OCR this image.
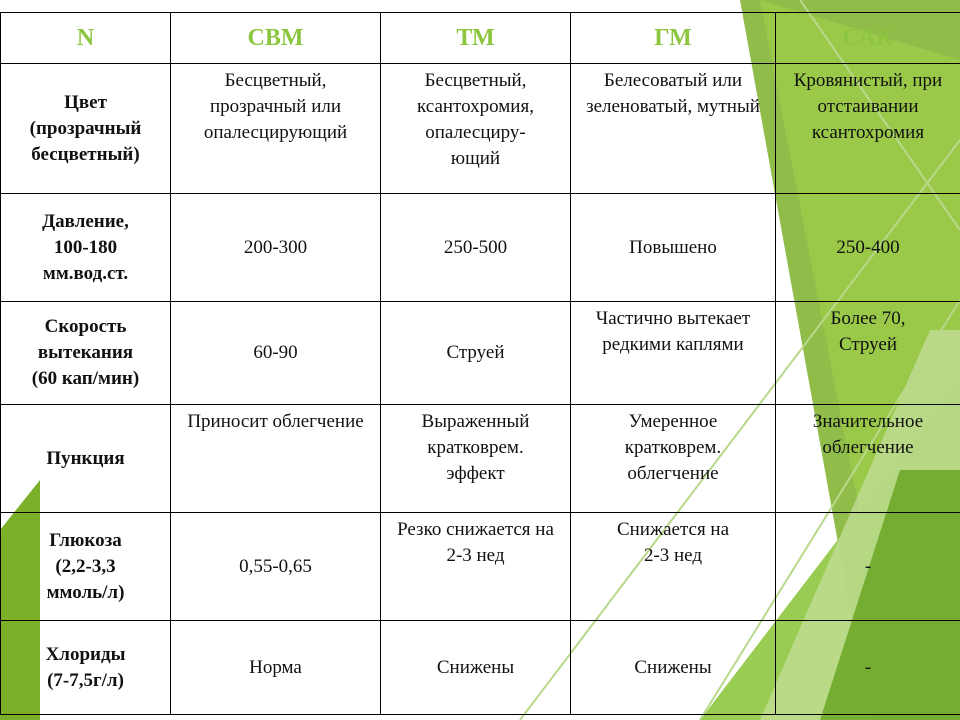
N	СВМ	ТМ	ГМ	САК
Цвет
(прозрачный бесцветный)	Бесцветный, прозрачный или опалесцирующий	Бесцветный, ксантохромия,
опалесциру-
ющий	Белесоватый или зеленоватый, мутный	Кровянистый, при отстаивании ксантохромия
Давление,
100-180
мм.вод.ст.	200-300	250-500	Повышено	250-400
Скорость вытекания
(60 кап/мин)	60-90	Струей	Частично вытекает редкими каплями	Более 70,
Струей
Пункция	Приносит облегчение	Выраженный кратковрем.
эффект	Умеренное
кратковрем.
облегчение	Значительное облегчение
Глюкоза
(2,2-3,3
ммоль/л)	0,55-0,65	Резко снижается на 2-3 нед	Снижается на
2-3 нед	-
Хлориды
(7-7,5г/л)	Норма	Снижены	Снижены	-
